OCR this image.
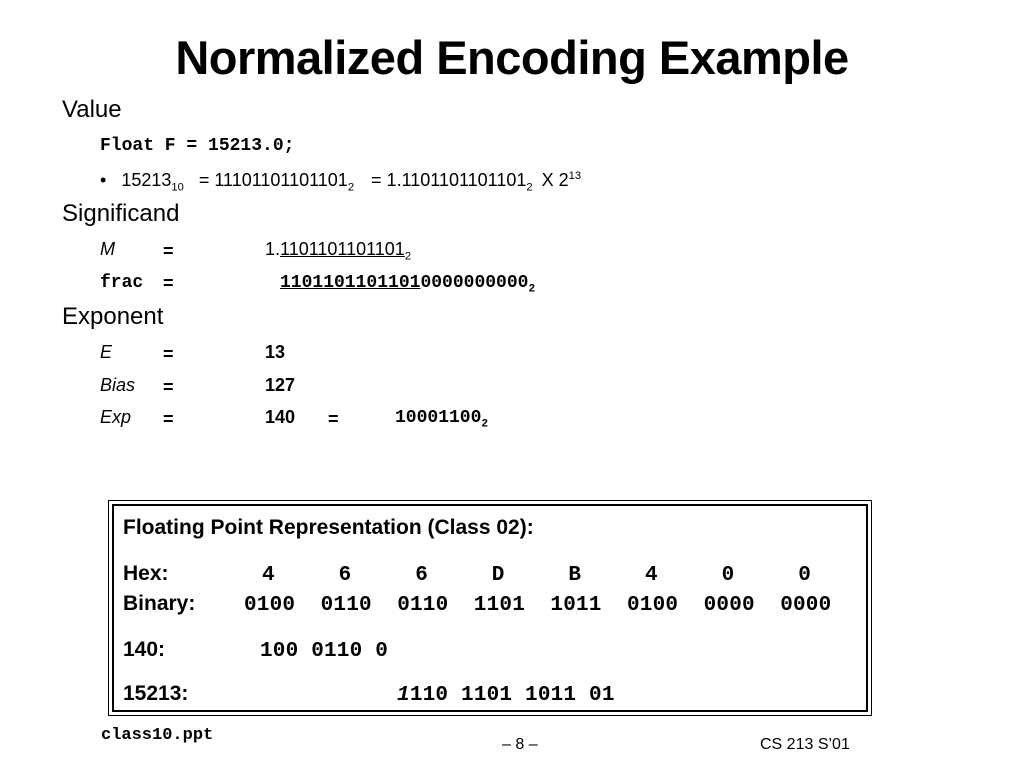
Normalized Encoding Example
Value
Float F = 15213.0;
• $15213_{10} = 11101101101101_2 = 1.1101101101101_2$ X $2^{13}$
Significand
M	=	$1.1101101101101_2$
frac =	$11011011011010000000000_2$
Exponent
E	=	13
Bias =	127
Exp =	140 =	$10001100_2$
Floating Point Representation (Class 02):
Hex:	4	6	6	D	B	4	0	0
Binary: 0100 0110 0110 1101 1011 0100 0000 0000
140:	100 0110 0
15213:	1110 1101 1011 01
class10.ppt	– 8 –	CS 213 S’01
